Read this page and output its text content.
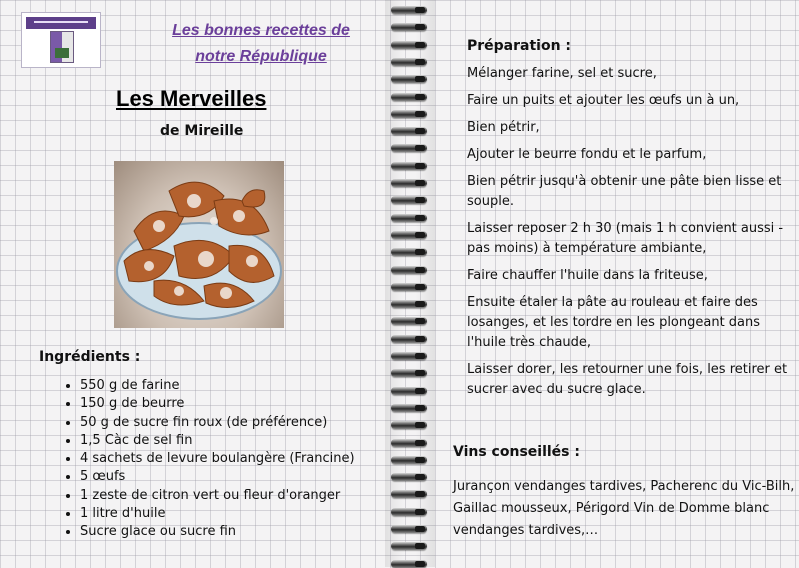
Les bonnes recettes de
notre République
Les Merveilles
de Mireille
Ingrédients :
• 550 g de farine
• 150 g de beurre
• 50 g de sucre fin roux (de préférence)
• 1,5 Càc de sel fin
• 4 sachets de levure boulangère (Francine)
• 5 œufs
• 1 zeste de citron vert ou fleur d'oranger
• 1 litre d'huile
• Sucre glace ou sucre fin
Préparation :

Mélanger farine, sel et sucre,

Faire un puits et ajouter les œufs un à un,

Bien pétrir,

Ajouter le beurre fondu et le parfum,

Bien pétrir jusqu'à obtenir une pâte bien lisse et souple.

Laisser reposer 2 h 30 (mais 1 h convient aussi - pas moins) à température ambiante,

Faire chauffer l'huile dans la friteuse,

Ensuite étaler la pâte au rouleau et faire des losanges, et les tordre en les plongeant dans l'huile très chaude,

Laisser dorer, les retourner une fois, les retirer et sucrer avec du sucre glace.

Vins conseillés :

Jurançon vendanges tardives, Pacherenc du Vic-Bilh, Gaillac mousseux, Périgord Vin de Domme blanc vendanges tardives,…
